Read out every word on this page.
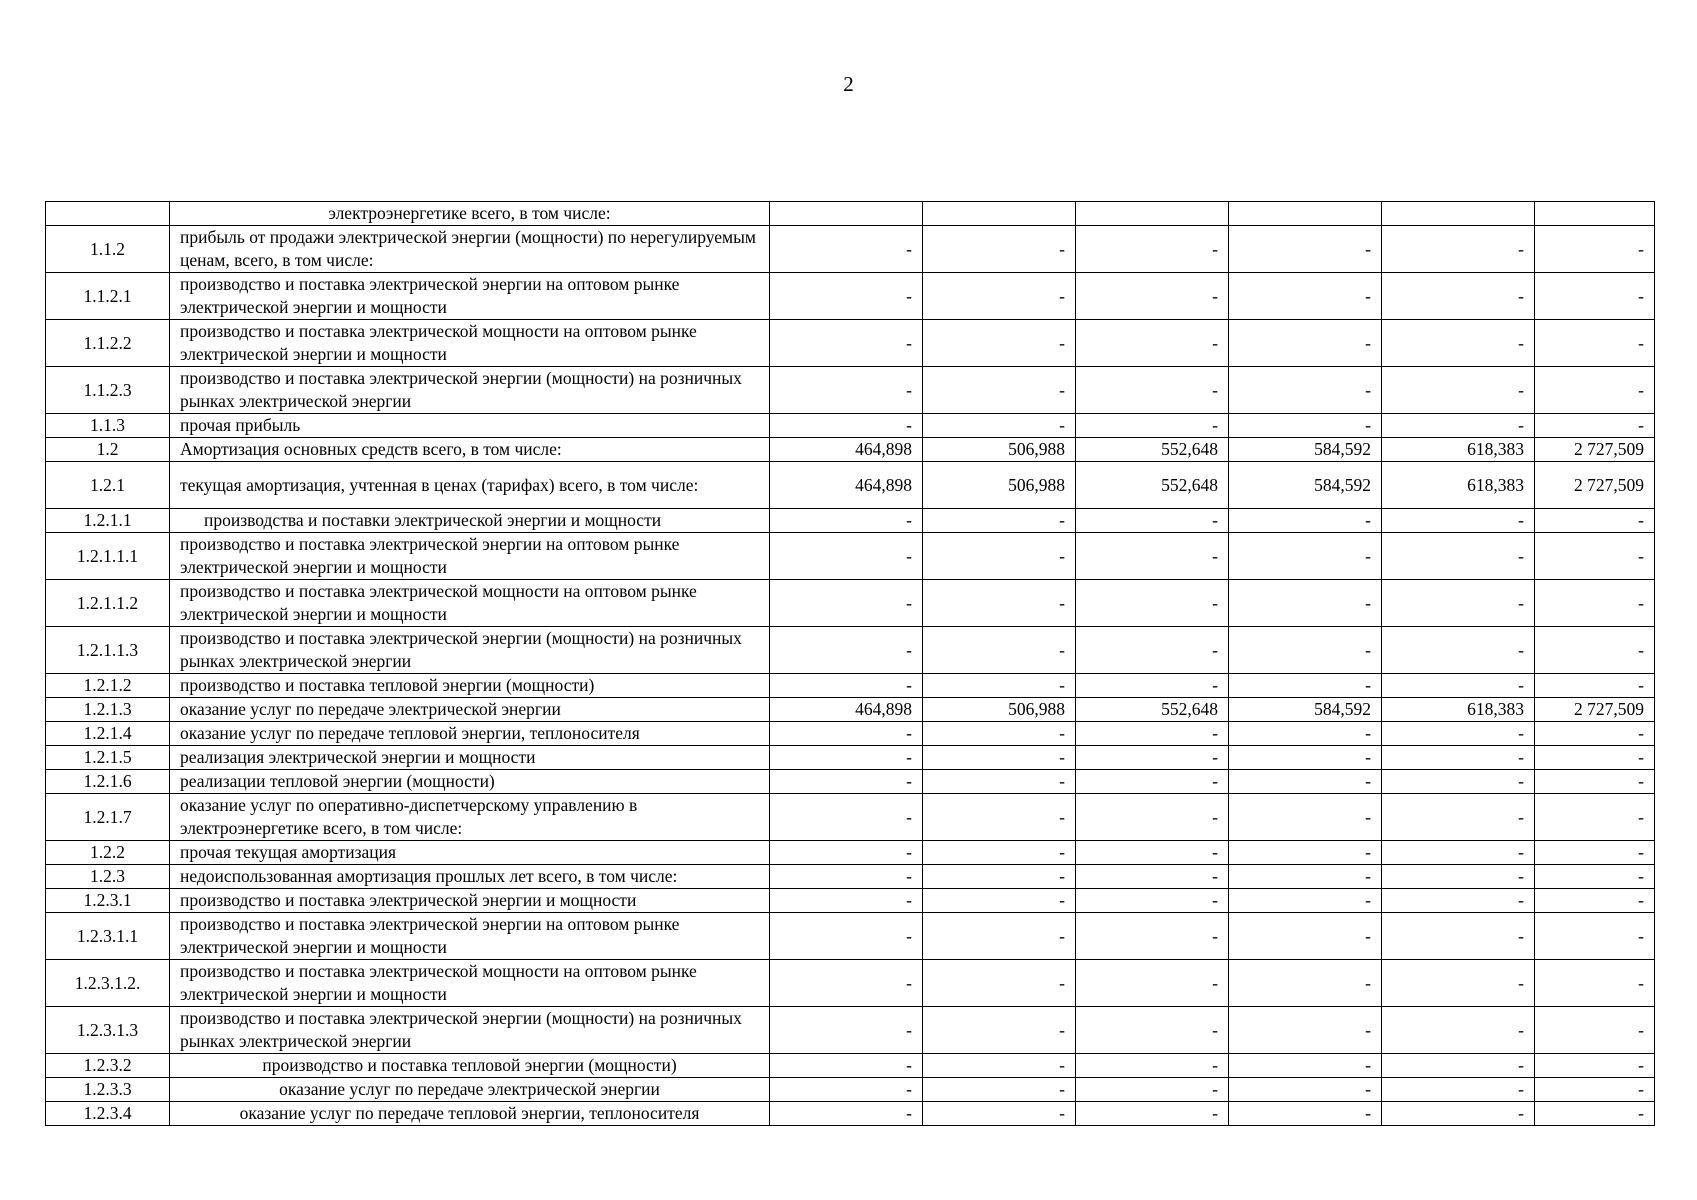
2
	электроэнергетике всего, в том числе:						
1.1.2	прибыль от продажи электрической энергии (мощности) по нерегулируемым ценам, всего, в том числе:	-	-	-	-	-	-
1.1.2.1	производство и поставка электрической энергии на оптовом рынке электрической энергии и мощности	-	-	-	-	-	-
1.1.2.2	производство и поставка электрической мощности на оптовом рынке электрической энергии и мощности	-	-	-	-	-	-
1.1.2.3	производство и поставка электрической энергии (мощности) на розничных рынках электрической энергии	-	-	-	-	-	-
1.1.3	прочая прибыль	-	-	-	-	-	-
1.2	Амортизация основных средств всего, в том числе:	464,898	506,988	552,648	584,592	618,383	2 727,509
1.2.1	текущая амортизация, учтенная в ценах (тарифах) всего, в том числе:	464,898	506,988	552,648	584,592	618,383	2 727,509
1.2.1.1	производства и поставки электрической энергии и мощности	-	-	-	-	-	-
1.2.1.1.1	производство и поставка электрической энергии на оптовом рынке электрической энергии и мощности	-	-	-	-	-	-
1.2.1.1.2	производство и поставка электрической мощности на оптовом рынке электрической энергии и мощности	-	-	-	-	-	-
1.2.1.1.3	производство и поставка электрической энергии (мощности) на розничных рынках электрической энергии	-	-	-	-	-	-
1.2.1.2	производство и поставка тепловой энергии (мощности)	-	-	-	-	-	-
1.2.1.3	оказание услуг по передаче электрической энергии	464,898	506,988	552,648	584,592	618,383	2 727,509
1.2.1.4	оказание услуг по передаче тепловой энергии, теплоносителя	-	-	-	-	-	-
1.2.1.5	реализация электрической энергии и мощности	-	-	-	-	-	-
1.2.1.6	реализации тепловой энергии (мощности)	-	-	-	-	-	-
1.2.1.7	оказание услуг по оперативно-диспетчерскому управлению в электроэнергетике всего, в том числе:	-	-	-	-	-	-
1.2.2	прочая текущая амортизация	-	-	-	-	-	-
1.2.3	недоиспользованная амортизация прошлых лет всего, в том числе:	-	-	-	-	-	-
1.2.3.1	производство и поставка электрической энергии и мощности	-	-	-	-	-	-
1.2.3.1.1	производство и поставка электрической энергии на оптовом рынке электрической энергии и мощности	-	-	-	-	-	-
1.2.3.1.2.	производство и поставка электрической мощности на оптовом рынке электрической энергии и мощности	-	-	-	-	-	-
1.2.3.1.3	производство и поставка электрической энергии (мощности) на розничных рынках электрической энергии	-	-	-	-	-	-
1.2.3.2	производство и поставка тепловой энергии (мощности)	-	-	-	-	-	-
1.2.3.3	оказание услуг по передаче электрической энергии	-	-	-	-	-	-
1.2.3.4	оказание услуг по передаче тепловой энергии, теплоносителя	-	-	-	-	-	-
